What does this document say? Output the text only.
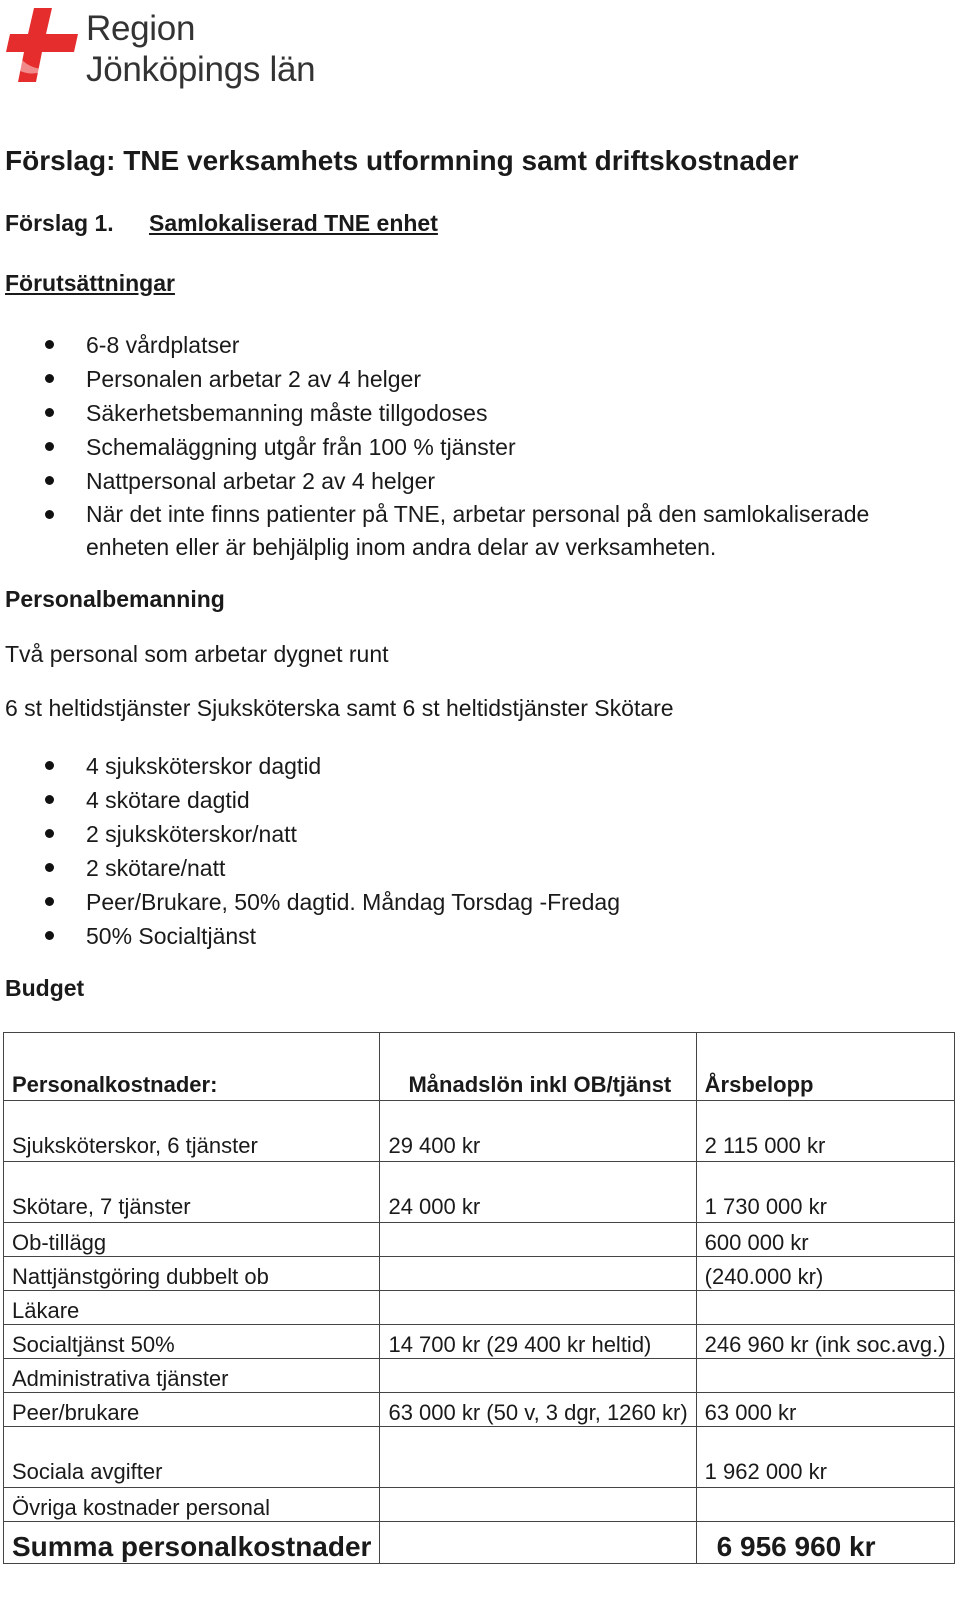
Region
Jönköpings län
Förslag: TNE verksamhets utformning samt driftskostnader
Förslag 1. Samlokaliserad TNE enhet
Förutsättningar
6-8 vårdplatser
Personalen arbetar 2 av 4 helger
Säkerhetsbemanning måste tillgodoses
Schemaläggning utgår från 100 % tjänster
Nattpersonal arbetar 2 av 4 helger
När det inte finns patienter på TNE, arbetar personal på den samlokaliserade enheten eller är behjälplig inom andra delar av verksamheten.
Personalbemanning
Två personal som arbetar dygnet runt
6 st heltidstjänster Sjuksköterska samt 6 st heltidstjänster Skötare
4 sjuksköterskor dagtid
4 skötare dagtid
2 sjuksköterskor/natt
2 skötare/natt
Peer/Brukare, 50% dagtid. Måndag Torsdag -Fredag
50% Socialtjänst
Budget
Personalkostnader:	Månadslön inkl OB/tjänst	Årsbelopp
Sjuksköterskor, 6 tjänster	29 400 kr	2 115 000 kr
Skötare, 7 tjänster	24 000 kr	1 730 000 kr
Ob-tillägg		600 000 kr
Nattjänstgöring dubbelt ob		(240.000 kr)
Läkare		
Socialtjänst 50%	14 700 kr (29 400 kr heltid)	246 960 kr (ink soc.avg.)
Administrativa tjänster		
Peer/brukare	63 000 kr (50 v, 3 dgr, 1260 kr)	63 000 kr
Sociala avgifter		1 962 000 kr
Övriga kostnader personal		
Summa personalkostnader		6 956 960 kr
